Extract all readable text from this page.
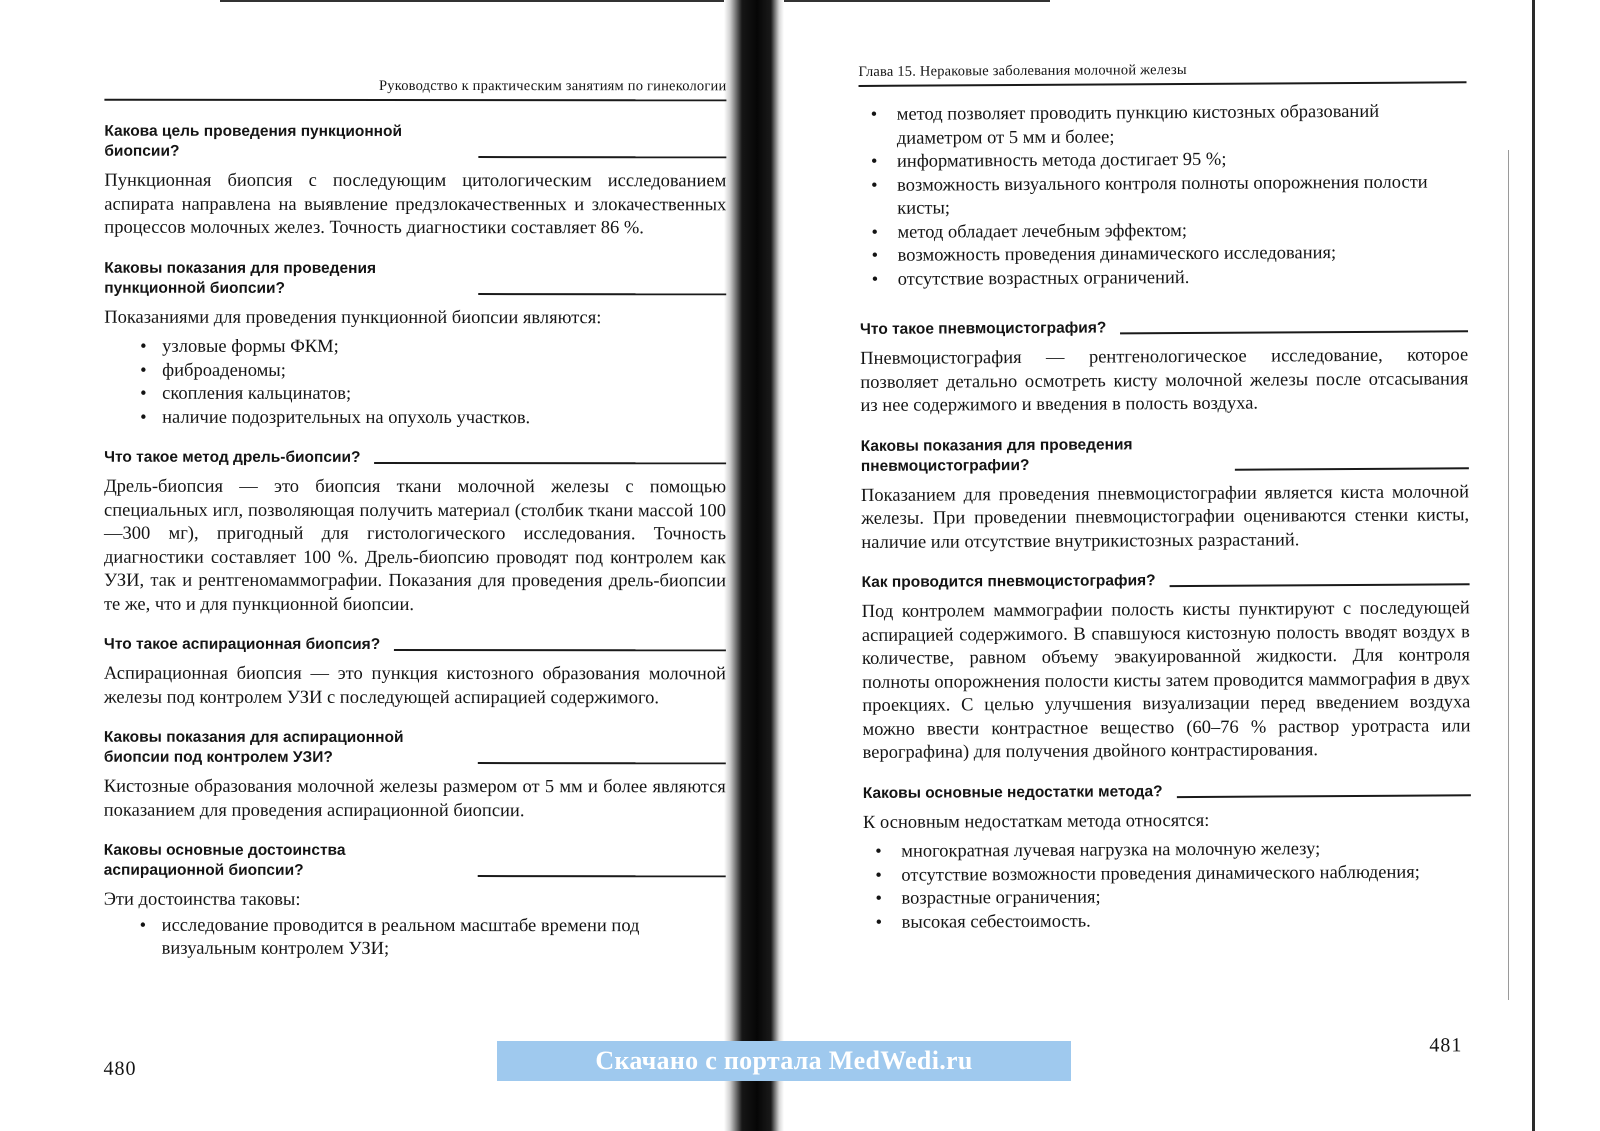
Руководство к практическим занятиям по гинекологии
Какова цель проведения пункционной биопсии?

Пункционная биопсия с последующим цитологическим исследованием аспирата направлена на выявление предзлокачественных и злокачественных процессов молочных желез. Точность диагностики составляет 86 %.

Каковы показания для проведения пункционной биопсии?

Показаниями для проведения пункционной биопсии являются:

• узловые формы ФКМ;
• фиброаденомы;
• скопления кальцинатов;
• наличие подозрительных на опухоль участков.
Что такое метод дрель-биопсии?

Дрель-биопсия — это биопсия ткани молочной железы с помощью специальных игл, позволяющая получить материал (столбик ткани массой 100—300 мг), пригодный для гистологического исследования. Точность диагностики составляет 100 %. Дрель-биопсию проводят под контролем как УЗИ, так и рентгеномаммографии. Показания для проведения дрель-биопсии те же, что и для пункционной биопсии.

Что такое аспирационная биопсия?

Аспирационная биопсия — это пункция кистозного образования молочной железы под контролем УЗИ с последующей аспирацией содержимого.

Каковы показания для аспирационной биопсии под контролем УЗИ?

Кистозные образования молочной железы размером от 5 мм и более являются показанием для проведения аспирационной биопсии.

Каковы основные достоинства аспирационной биопсии?

Эти достоинства таковы:

• исследование проводится в реальном масштабе времени под визуальным контролем УЗИ;
480
Глава 15. Нераковые заболевания молочной железы
• метод позволяет проводить пункцию кистозных образований диаметром от 5 мм и более;
• информативность метода достигает 95 %;
• возможность визуального контроля полноты опорожнения полости кисты;
• метод обладает лечебным эффектом;
• возможность проведения динамического исследования;
• отсутствие возрастных ограничений.
Что такое пневмоцистография?

Пневмоцистография — рентгенологическое исследование, которое позволяет детально осмотреть кисту молочной железы после отсасывания из нее содержимого и введения в полость воздуха.

Каковы показания для проведения пневмоцистографии?

Показанием для проведения пневмоцистографии является киста молочной железы. При проведении пневмоцистографии оцениваются стенки кисты, наличие или отсутствие внутрикистозных разрастаний.

Как проводится пневмоцистография?

Под контролем маммографии полость кисты пунктируют с последующей аспирацией содержимого. В спавшуюся кистозную полость вводят воздух в количестве, равном объему эвакуированной жидкости. Для контроля полноты опорожнения полости кисты затем проводится маммография в двух проекциях. С целью улучшения визуализации перед введением воздуха можно ввести контрастное вещество (60–76 % раствор уротраста или верографина) для получения двойного контрастирования.

Каковы основные недостатки метода?

К основным недостаткам метода относятся:

• многократная лучевая нагрузка на молочную железу;
• отсутствие возможности проведения динамического наблюдения;
• возрастные ограничения;
• высокая себестоимость.
481
Скачано с портала MedWedi.ru
